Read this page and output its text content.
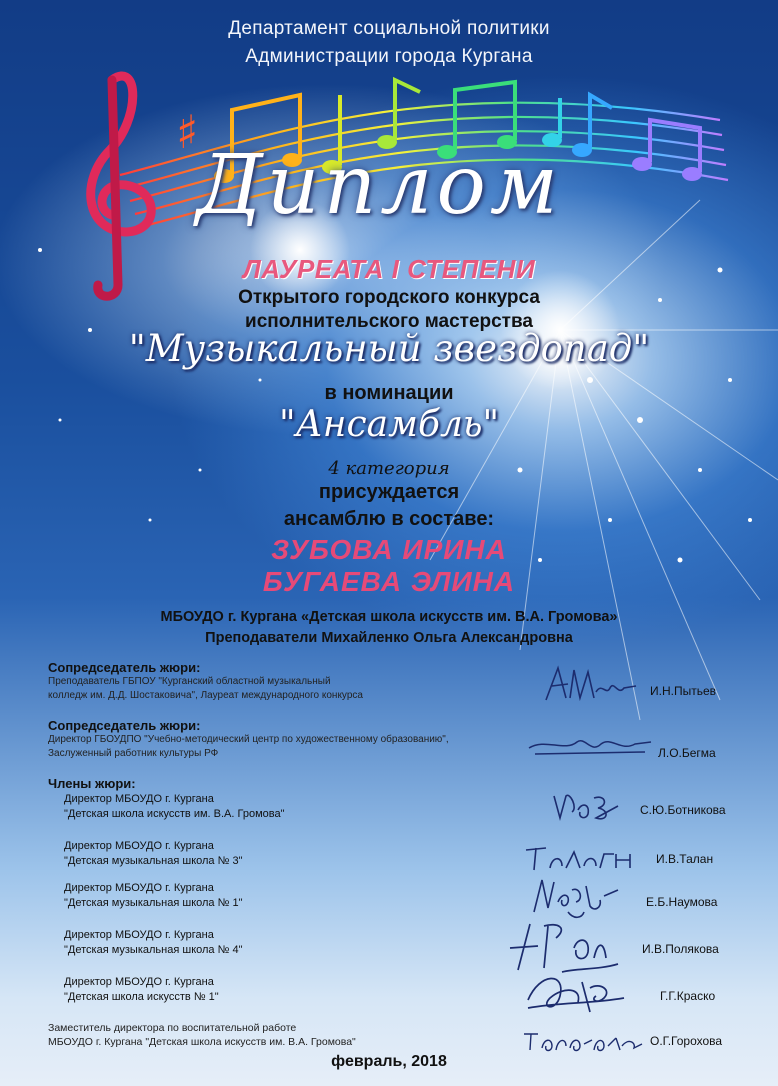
♯

Департамент социальной политики

Администрации города Кургана

Диплом

ЛАУРЕАТА I СТЕПЕНИ

Открытого городского конкурса

исполнительского мастерства

"Музыкальный звездопад"

в номинации

"Ансамбль"

4 категория

присуждается

ансамблю в составе:

ЗУБОВА ИРИНА

БУГАЕВА ЭЛИНА

МБОУДО г. Кургана «Детская школа искусств им. В.А. Громова»

Преподаватели Михайленко Ольга Александровна

Сопредседатель жюри:

Преподаватель ГБПОУ "Курганский областной музыкальный

колледж им. Д.Д. Шостаковича", Лауреат международного конкурса	И.Н.Пытьев

Сопредседатель жюри:

Директор ГБОУДПО "Учебно-методический центр по художественному образованию",

Заслуженный работник культуры РФ	Л.О.Бегма

Члены жюри:

Директор МБОУДО г. Кургана

"Детская школа искусств им. В.А. Громова"	С.Ю.Ботникова

Директор МБОУДО г. Кургана

"Детская музыкальная школа № 3"	И.В.Талан

Директор МБОУДО г. Кургана

"Детская музыкальная школа № 1"	Е.Б.Наумова

Директор МБОУДО г. Кургана

"Детская музыкальная школа № 4"	И.В.Полякова

Директор МБОУДО г. Кургана

"Детская школа искусств № 1"	Г.Г.Краско

Заместитель директора по воспитательной работе

МБОУДО г. Кургана "Детская школа искусств им. В.А. Громова"	О.Г.Горохова

февраль, 2018
